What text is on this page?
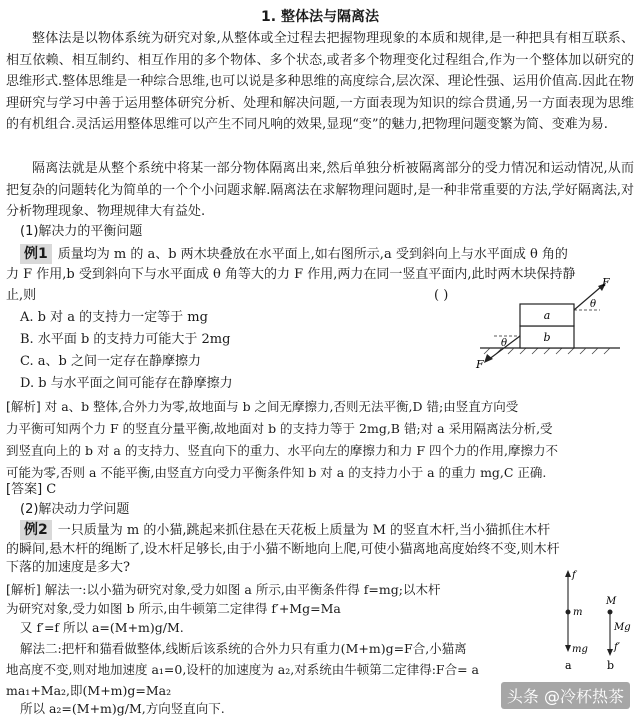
1. 整体法与隔离法

整体法是以物体系统为研究对象,从整体或全过程去把握物理现象的本质和规律,是一种把具有相互联系、相互依赖、相互制约、相互作用的多个物体、多个状态,或者多个物理变化过程组合,作为一个整体加以研究的思维形式.整体思维是一种综合思维,也可以说是多种思维的高度综合,层次深、理论性强、运用价值高.因此在物理研究与学习中善于运用整体研究分析、处理和解决问题,一方面表现为知识的综合贯通,另一方面表现为思维的有机组合.灵活运用整体思维可以产生不同凡响的效果,显现“变”的魅力,把物理问题变繁为简、变难为易.

隔离法就是从整个系统中将某一部分物体隔离出来,然后单独分析被隔离部分的受力情况和运动情况,从而把复杂的问题转化为简单的一个个小问题求解.隔离法在求解物理问题时,是一种非常重要的方法,学好隔离法,对分析物理现象、物理规律大有益处.

(1)解决力的平衡问题

例1 质量均为 m 的 a、b 两木块叠放在水平面上,如右图所示,a 受到斜向上与水平面成 θ 角的

力 F 作用,b 受到斜向下与水平面成 θ 角等大的力 F 作用,两力在同一竖直平面内,此时两木块保持静

止,则	( )

A. b 对 a 的支持力一定等于 mg

B. 水平面 b 的支持力可能大于 2mg

C. a、b 之间一定存在静摩擦力

D. b 与水平面之间可能存在静摩擦力

a
b
F
θ
θ
F

[解析] 对 a、b 整体,合外力为零,故地面与 b 之间无摩擦力,否则无法平衡,D 错;由竖直方向受

力平衡可知两个力 F 的竖直分量平衡,故地面对 b 的支持力等于 2mg,B 错;对 a 采用隔离法分析,受

到竖直向上的 b 对 a 的支持力、竖直向下的重力、水平向左的摩擦力和力 F 四个力的作用,摩擦力不

可能为零,否则 a 不能平衡,由竖直方向受力平衡条件知 b 对 a 的支持力小于 a 的重力 mg,C 正确.

[答案] C

(2)解决动力学问题

例2 一只质量为 m 的小猫,跳起来抓住悬在天花板上质量为 M 的竖直木杆,当小猫抓住木杆

的瞬间,悬木杆的绳断了,设木杆足够长,由于小猫不断地向上爬,可使小猫离地高度始终不变,则木杆

下落的加速度是多大?

[解析] 解法一:以小猫为研究对象,受力如图 a 所示,由平衡条件得 f=mg;以木杆

为研究对象,受力如图 b 所示,由牛顿第二定律得 f′+Mg=Ma

又 f′=f 所以 a=(M+m)g/M.

解法二:把杆和猫看做整体,线断后该系统的合外力只有重力(M+m)g=F合,小猫离

地高度不变,则对地加速度 a₁=0,设杆的加速度为 a₂,对系统由牛顿第二定律得:F合= a

ma₁+Ma₂,即(M+m)g=Ma₂

f
m
mg
M
Mg
f′
a	b

所以 a₂=(M+m)g/M,方向竖直向下.

头条 @冷杯热茶
